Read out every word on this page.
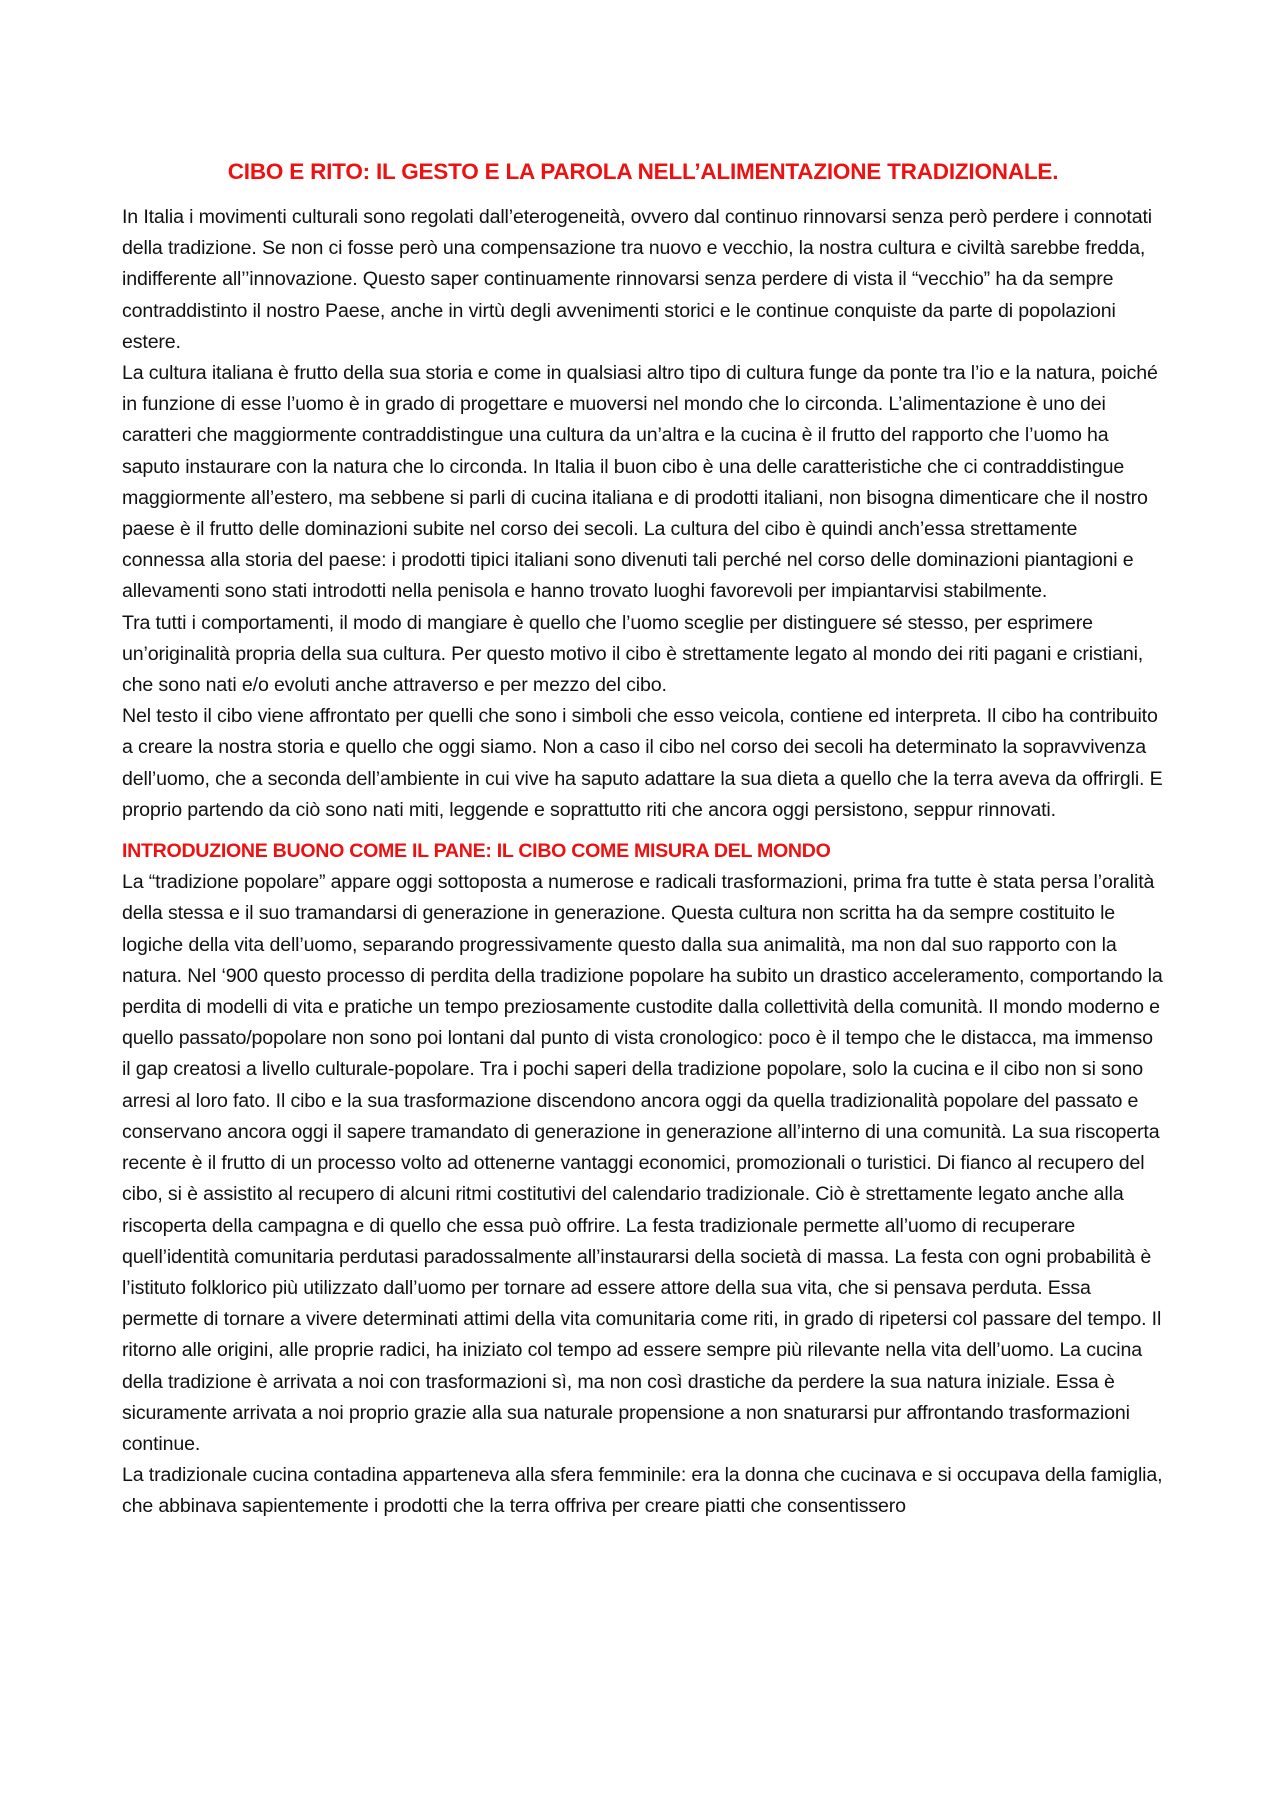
CIBO E RITO: IL GESTO E LA PAROLA NELL’ALIMENTAZIONE TRADIZIONALE.

In Italia i movimenti culturali sono regolati dall’eterogeneità, ovvero dal continuo rinnovarsi senza però perdere i connotati della tradizione. Se non ci fosse però una compensazione tra nuovo e vecchio, la nostra cultura e civiltà sarebbe fredda, indifferente all’’innovazione. Questo saper continuamente rinnovarsi senza perdere di vista il “vecchio” ha da sempre contraddistinto il nostro Paese, anche in virtù degli avvenimenti storici e le continue conquiste da parte di popolazioni estere.

La cultura italiana è frutto della sua storia e come in qualsiasi altro tipo di cultura funge da ponte tra l’io e la natura, poiché in funzione di esse l’uomo è in grado di progettare e muoversi nel mondo che lo circonda. L’alimentazione è uno dei caratteri che maggiormente contraddistingue una cultura da un’altra e la cucina è il frutto del rapporto che l’uomo ha saputo instaurare con la natura che lo circonda. In Italia il buon cibo è una delle caratteristiche che ci contraddistingue maggiormente all’estero, ma sebbene si parli di cucina italiana e di prodotti italiani, non bisogna dimenticare che il nostro paese è il frutto delle dominazioni subite nel corso dei secoli. La cultura del cibo è quindi anch’essa strettamente connessa alla storia del paese: i prodotti tipici italiani sono divenuti tali perché nel corso delle dominazioni piantagioni e allevamenti sono stati introdotti nella penisola e hanno trovato luoghi favorevoli per impiantarvisi stabilmente.

Tra tutti i comportamenti, il modo di mangiare è quello che l’uomo sceglie per distinguere sé stesso, per esprimere un’originalità propria della sua cultura. Per questo motivo il cibo è strettamente legato al mondo dei riti pagani e cristiani, che sono nati e/o evoluti anche attraverso e per mezzo del cibo.

Nel testo il cibo viene affrontato per quelli che sono i simboli che esso veicola, contiene ed interpreta. Il cibo ha contribuito a creare la nostra storia e quello che oggi siamo. Non a caso il cibo nel corso dei secoli ha determinato la sopravvivenza dell’uomo, che a seconda dell’ambiente in cui vive ha saputo adattare la sua dieta a quello che la terra aveva da offrirgli. E proprio partendo da ciò sono nati miti, leggende e soprattutto riti che ancora oggi persistono, seppur rinnovati.

INTRODUZIONE BUONO COME IL PANE: IL CIBO COME MISURA DEL MONDO

La “tradizione popolare” appare oggi sottoposta a numerose e radicali trasformazioni, prima fra tutte è stata persa l’oralità della stessa e il suo tramandarsi di generazione in generazione. Questa cultura non scritta ha da sempre costituito le logiche della vita dell’uomo, separando progressivamente questo dalla sua animalità, ma non dal suo rapporto con la natura. Nel ‘900 questo processo di perdita della tradizione popolare ha subito un drastico acceleramento, comportando la perdita di modelli di vita e pratiche un tempo preziosamente custodite dalla collettività della comunità. Il mondo moderno e quello passato/popolare non sono poi lontani dal punto di vista cronologico: poco è il tempo che le distacca, ma immenso il gap creatosi a livello culturale-popolare. Tra i pochi saperi della tradizione popolare, solo la cucina e il cibo non si sono arresi al loro fato. Il cibo e la sua trasformazione discendono ancora oggi da quella tradizionalità popolare del passato e conservano ancora oggi il sapere tramandato di generazione in generazione all’interno di una comunità. La sua riscoperta recente è il frutto di un processo volto ad ottenerne vantaggi economici, promozionali o turistici. Di fianco al recupero del cibo, si è assistito al recupero di alcuni ritmi costitutivi del calendario tradizionale. Ciò è strettamente legato anche alla riscoperta della campagna e di quello che essa può offrire. La festa tradizionale permette all’uomo di recuperare quell’identità comunitaria perdutasi paradossalmente all’instaurarsi della società di massa. La festa con ogni probabilità è l’istituto folklorico più utilizzato dall’uomo per tornare ad essere attore della sua vita, che si pensava perduta. Essa permette di tornare a vivere determinati attimi della vita comunitaria come riti, in grado di ripetersi col passare del tempo. Il ritorno alle origini, alle proprie radici, ha iniziato col tempo ad essere sempre più rilevante nella vita dell’uomo. La cucina della tradizione è arrivata a noi con trasformazioni sì, ma non così drastiche da perdere la sua natura iniziale. Essa è sicuramente arrivata a noi proprio grazie alla sua naturale propensione a non snaturarsi pur affrontando trasformazioni continue.

La tradizionale cucina contadina apparteneva alla sfera femminile: era la donna che cucinava e si occupava della famiglia, che abbinava sapientemente i prodotti che la terra offriva per creare piatti che consentissero
